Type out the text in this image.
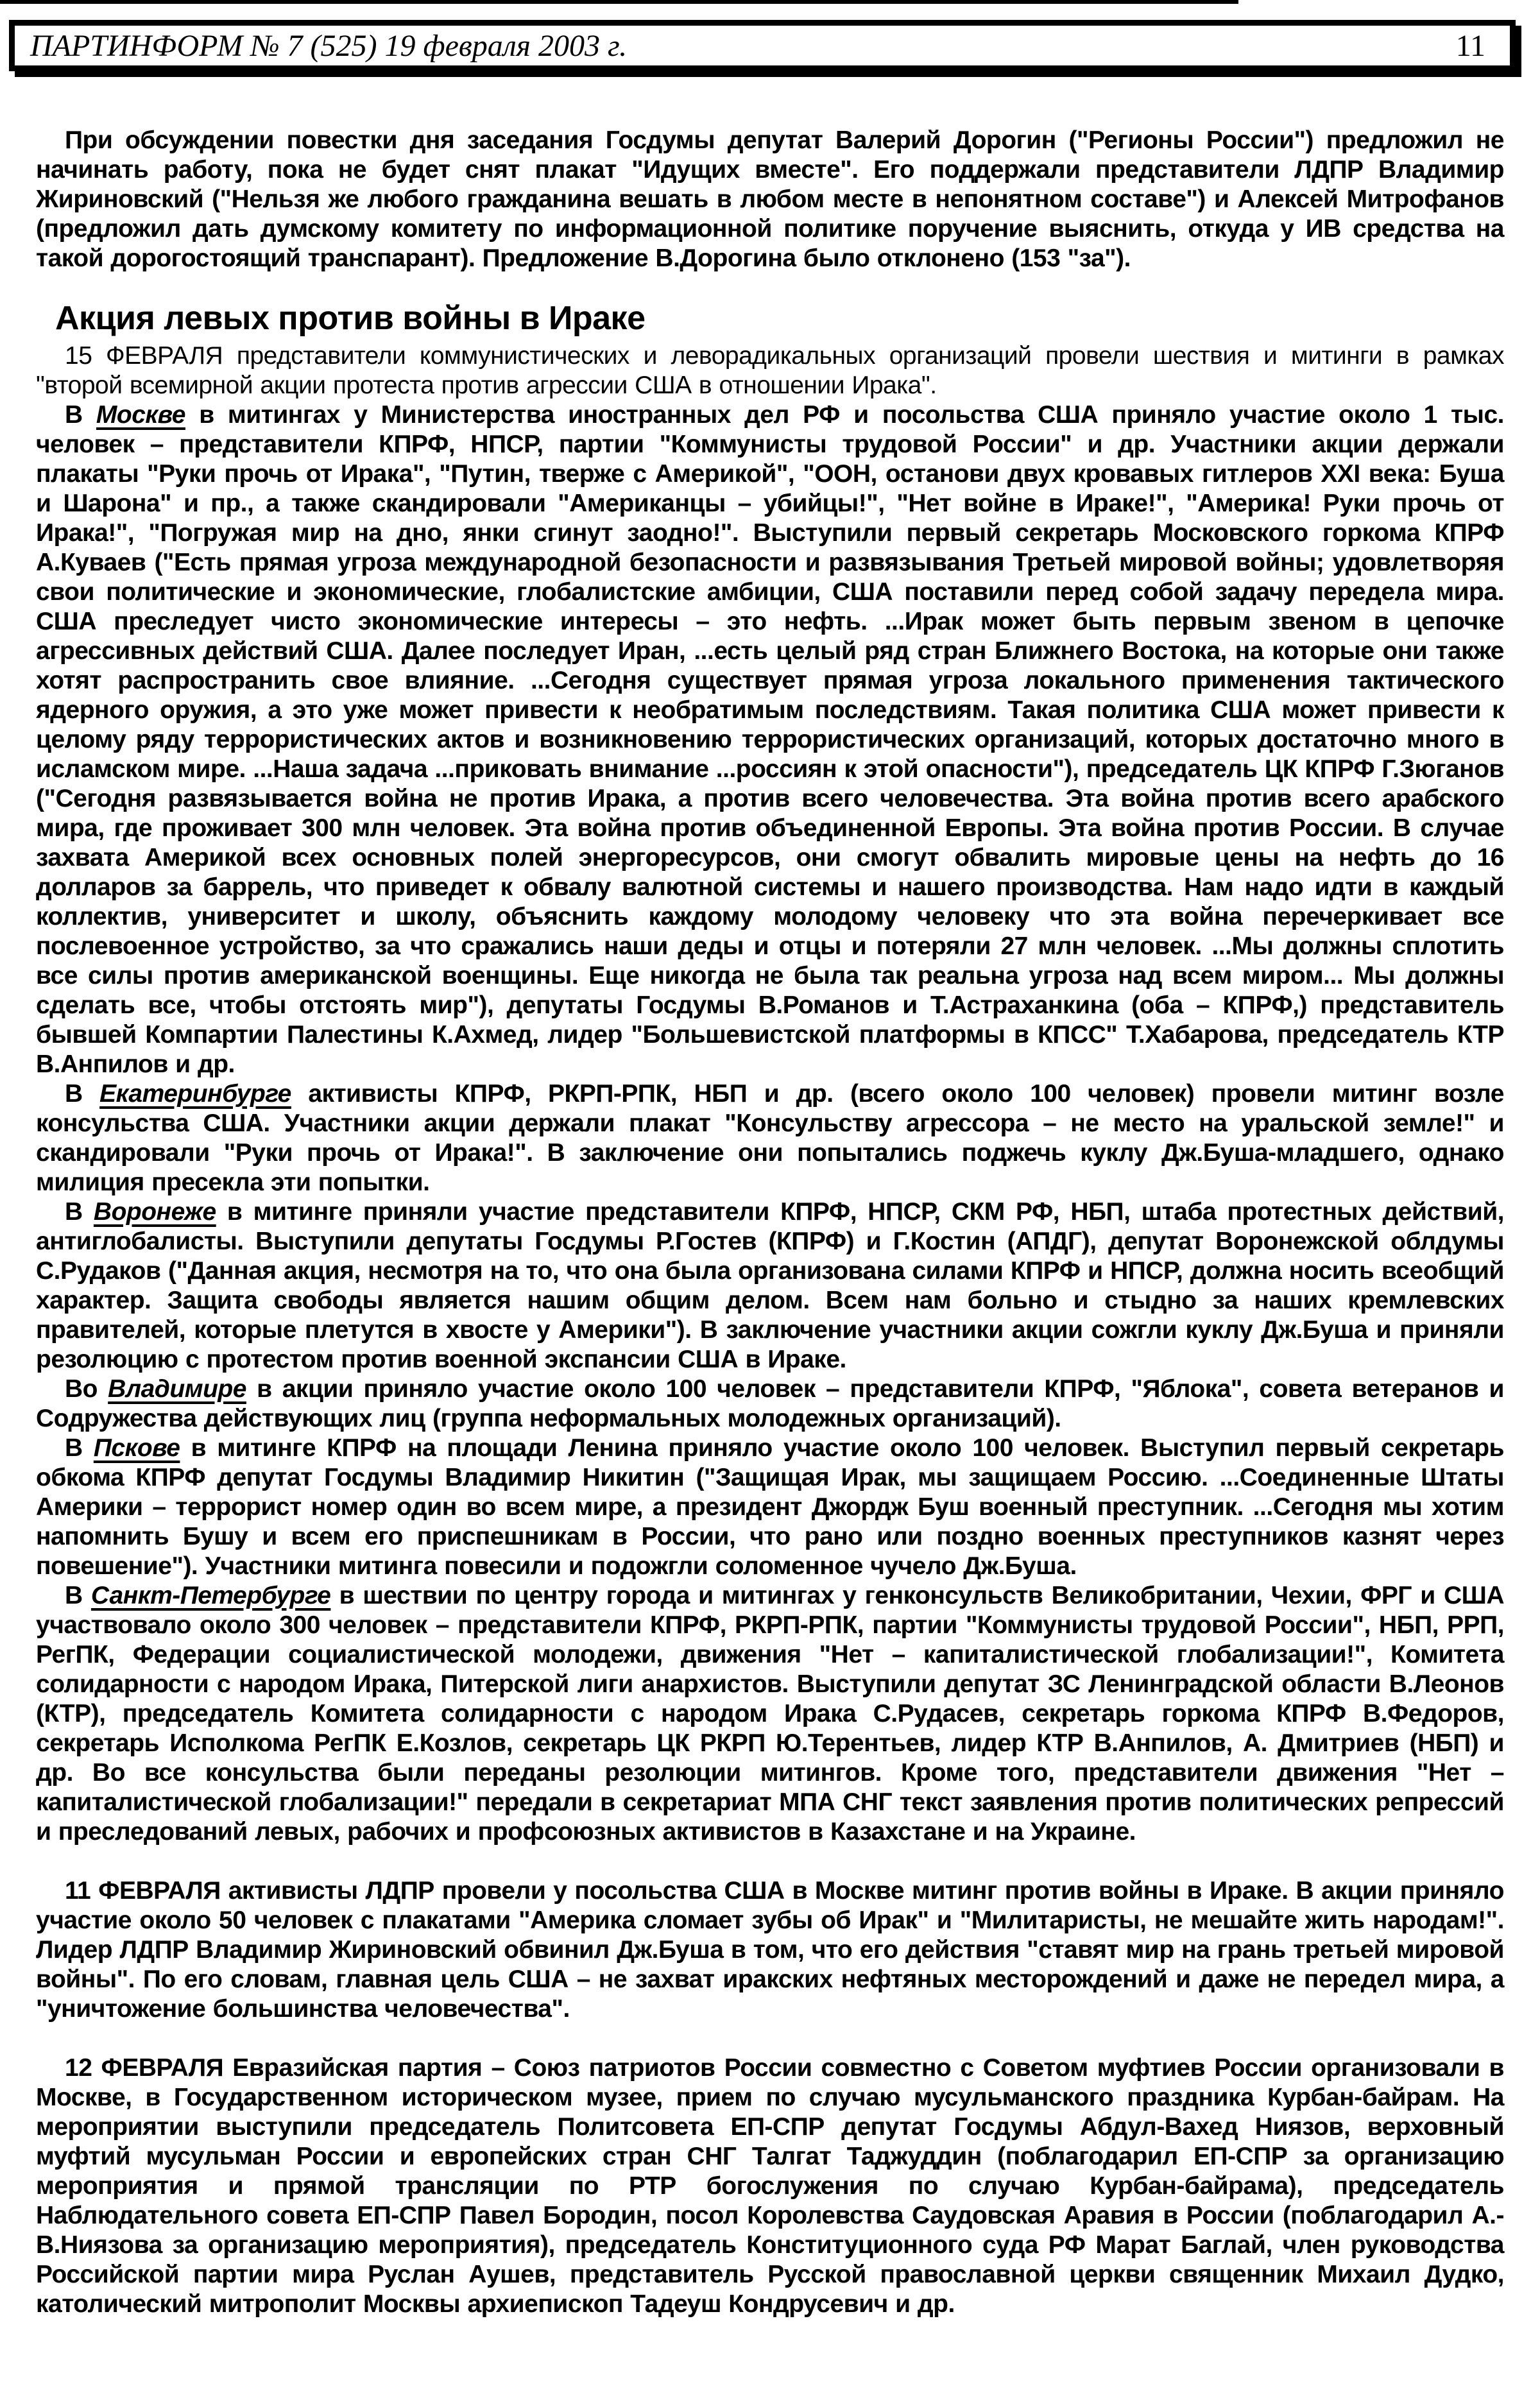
ПАРТИНФОРМ № 7 (525) 19 февраля 2003 г.	11

При обсуждении повестки дня заседания Госдумы депутат Валерий Дорогин ("Регионы России") предложил не начинать работу, пока не будет снят плакат "Идущих вместе". Его поддержали представители ЛДПР Владимир Жириновский ("Нельзя же любого гражданина вешать в любом месте в непонятном составе") и Алексей Митрофанов (предложил дать думскому комитету по информационной политике поручение выяснить, откуда у ИВ средства на такой дорогостоящий транспарант). Предложение В.Дорогина было отклонено (153 "за").

Акция левых против войны в Ираке

15 ФЕВРАЛЯ представители коммунистических и леворадикальных организаций провели шествия и митинги в рамках "второй всемирной акции протеста против агрессии США в отношении Ирака".

В Москве в митингах у Министерства иностранных дел РФ и посольства США приняло участие около 1 тыс. человек – представители КПРФ, НПСР, партии "Коммунисты трудовой России" и др. Участники акции держали плакаты "Руки прочь от Ирака", "Путин, тверже с Америкой", "ООН, останови двух кровавых гитлеров XXI века: Буша и Шарона" и пр., а также скандировали "Американцы – убийцы!", "Нет войне в Ираке!", "Америка! Руки прочь от Ирака!", "Погружая мир на дно, янки сгинут заодно!". Выступили первый секретарь Московского горкома КПРФ А.Куваев ("Есть прямая угроза международной безопасности и развязывания Третьей мировой войны; удовлетворяя свои политические и экономические, глобалистские амбиции, США поставили перед собой задачу передела мира. США преследует чисто экономические интересы – это нефть. ...Ирак может быть первым звеном в цепочке агрессивных действий США. Далее последует Иран, ...есть целый ряд стран Ближнего Востока, на которые они также хотят распространить свое влияние. ...Сегодня существует прямая угроза локального применения тактического ядерного оружия, а это уже может привести к необратимым последствиям. Такая политика США может привести к целому ряду террористических актов и возникновению террористических организаций, которых достаточно много в исламском мире. ...Наша задача ...приковать внимание ...россиян к этой опасности"), председатель ЦК КПРФ Г.Зюганов ("Сегодня развязывается война не против Ирака, а против всего человечества. Эта война против всего арабского мира, где проживает 300 млн человек. Эта война против объединенной Европы. Эта война против России. В случае захвата Америкой всех основных полей энергоресурсов, они смогут обвалить мировые цены на нефть до 16 долларов за баррель, что приведет к обвалу валютной системы и нашего производства. Нам надо идти в каждый коллектив, университет и школу, объяснить каждому молодому человеку что эта война перечеркивает все послевоенное устройство, за что сражались наши деды и отцы и потеряли 27 млн человек. ...Мы должны сплотить все силы против американской военщины. Еще никогда не была так реальна угроза над всем миром... Мы должны сделать все, чтобы отстоять мир"), депутаты Госдумы В.Романов и Т.Астраханкина (оба – КПРФ,) представитель бывшей Компартии Палестины К.Ахмед, лидер "Большевистской платформы в КПСС" Т.Хабарова, председатель КТР В.Анпилов и др.

В Екатеринбурге активисты КПРФ, РКРП-РПК, НБП и др. (всего около 100 человек) провели митинг возле консульства США. Участники акции держали плакат "Консульству агрессора – не место на уральской земле!" и скандировали "Руки прочь от Ирака!". В заключение они попытались поджечь куклу Дж.Буша-младшего, однако милиция пресекла эти попытки.

В Воронеже в митинге приняли участие представители КПРФ, НПСР, СКМ РФ, НБП, штаба протестных действий, антиглобалисты. Выступили депутаты Госдумы Р.Гостев (КПРФ) и Г.Костин (АПДГ), депутат Воронежской облдумы С.Рудаков ("Данная акция, несмотря на то, что она была организована силами КПРФ и НПСР, должна носить всеобщий характер. Защита свободы является нашим общим делом. Всем нам больно и стыдно за наших кремлевских правителей, которые плетутся в хвосте у Америки"). В заключение участники акции сожгли куклу Дж.Буша и приняли резолюцию с протестом против военной экспансии США в Ираке.

Во Владимире в акции приняло участие около 100 человек – представители КПРФ, "Яблока", совета ветеранов и Содружества действующих лиц (группа неформальных молодежных организаций).

В Пскове в митинге КПРФ на площади Ленина приняло участие около 100 человек. Выступил первый секретарь обкома КПРФ депутат Госдумы Владимир Никитин ("Защищая Ирак, мы защищаем Россию. ...Соединенные Штаты Америки – террорист номер один во всем мире, а президент Джордж Буш военный преступник. ...Сегодня мы хотим напомнить Бушу и всем его приспешникам в России, что рано или поздно военных преступников казнят через повешение"). Участники митинга повесили и подожгли соломенное чучело Дж.Буша.

В Санкт-Петербурге в шествии по центру города и митингах у генконсульств Великобритании, Чехии, ФРГ и США участвовало около 300 человек – представители КПРФ, РКРП-РПК, партии "Коммунисты трудовой России", НБП, РРП, РегПК, Федерации социалистической молодежи, движения "Нет – капиталистической глобализации!", Комитета солидарности с народом Ирака, Питерской лиги анархистов. Выступили депутат ЗС Ленинградской области В.Леонов (КТР), председатель Комитета солидарности с народом Ирака С.Рудасев, секретарь горкома КПРФ В.Федоров, секретарь Исполкома РегПК Е.Козлов, секретарь ЦК РКРП Ю.Терентьев, лидер КТР В.Анпилов, А. Дмитриев (НБП) и др. Во все консульства были переданы резолюции митингов. Кроме того, представители движения "Нет – капиталистической глобализации!" передали в секретариат МПА СНГ текст заявления против политических репрессий и преследований левых, рабочих и профсоюзных активистов в Казахстане и на Украине.

11 ФЕВРАЛЯ активисты ЛДПР провели у посольства США в Москве митинг против войны в Ираке. В акции приняло участие около 50 человек с плакатами "Америка сломает зубы об Ирак" и "Милитаристы, не мешайте жить народам!". Лидер ЛДПР Владимир Жириновский обвинил Дж.Буша в том, что его действия "ставят мир на грань третьей мировой войны". По его словам, главная цель США – не захват иракских нефтяных месторождений и даже не передел мира, а "уничтожение большинства человечества".

12 ФЕВРАЛЯ Евразийская партия – Союз патриотов России совместно с Советом муфтиев России организовали в Москве, в Государственном историческом музее, прием по случаю мусульманского праздника Курбан-байрам. На мероприятии выступили председатель Политсовета ЕП-СПР депутат Госдумы Абдул-Вахед Ниязов, верховный муфтий мусульман России и европейских стран СНГ Талгат Таджуддин (поблагодарил ЕП-СПР за организацию мероприятия и прямой трансляции по РТР богослужения по случаю Курбан-байрама), председатель Наблюдательного совета ЕП-СПР Павел Бородин, посол Королевства Саудовская Аравия в России (поблагодарил А.-В.Ниязова за организацию мероприятия), председатель Конституционного суда РФ Марат Баглай, член руководства Российской партии мира Руслан Аушев, представитель Русской православной церкви священник Михаил Дудко, католический митрополит Москвы архиепископ Тадеуш Кондрусевич и др.
